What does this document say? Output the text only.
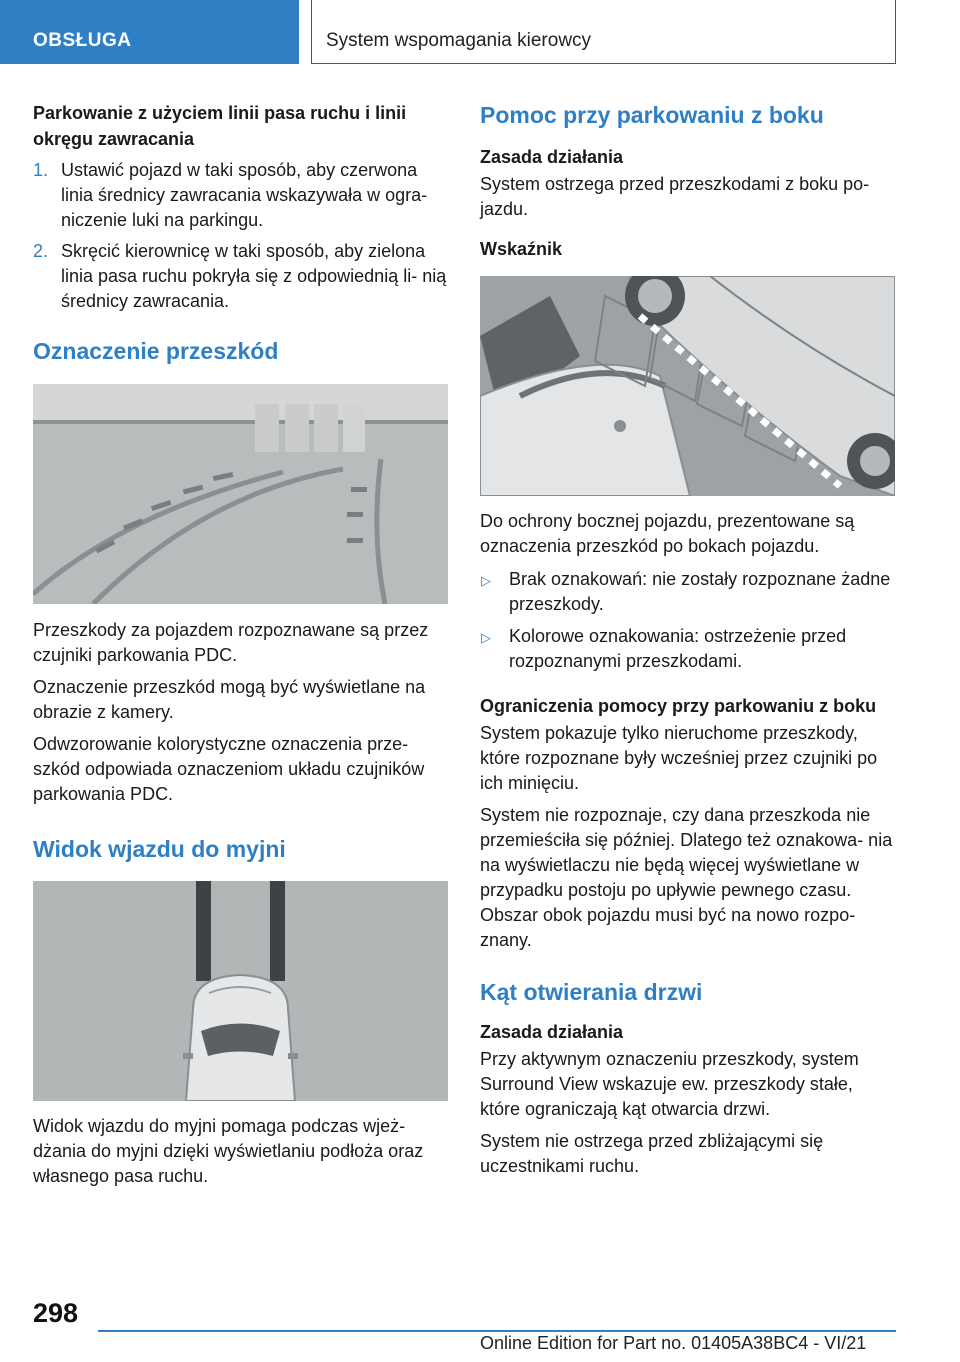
OBSŁUGA	System wspomagania kierowcy
Parkowanie z użyciem linii pasa ruchu i linii okręgu zawracania
1. Ustawić pojazd w taki sposób, aby czerwona linia średnicy zawracania wskazywała w ogra‐ niczenie luki na parkingu.
2. Skręcić kierownicę w taki sposób, aby zielona linia pasa ruchu pokryła się z odpowiednią li‐ nią średnicy zawracania.
Oznaczenie przeszkód

Przeszkody za pojazdem rozpoznawane są przez czujniki parkowania PDC.

Oznaczenie przeszkód mogą być wyświetlane na obrazie z kamery.

Odwzorowanie kolorystyczne oznaczenia prze‐ szkód odpowiada oznaczeniom układu czujników parkowania PDC.

Widok wjazdu do myjni

Widok wjazdu do myjni pomaga podczas wjeż‐ dżania do myjni dzięki wyświetlaniu podłoża oraz własnego pasa ruchu.

Pomoc przy parkowaniu z boku
Zasada działania

System ostrzega przed przeszkodami z boku po‐ jazdu.

Wskaźnik

Do ochrony bocznej pojazdu, prezentowane są oznaczenia przeszkód po bokach pojazdu.

▷ Brak oznakowań: nie zostały rozpoznane żadne przeszkody.
▷ Kolorowe oznakowania: ostrzeżenie przed rozpoznanymi przeszkodami.
Ograniczenia pomocy przy parkowaniu z boku

System pokazuje tylko nieruchome przeszkody, które rozpoznane były wcześniej przez czujniki po ich minięciu.

System nie rozpoznaje, czy dana przeszkoda nie przemieściła się później. Dlatego też oznakowa‐ nia na wyświetlaczu nie będą więcej wyświetlane w przypadku postoju po upływie pewnego czasu. Obszar obok pojazdu musi być na nowo rozpo‐ znany.

Kąt otwierania drzwi
Zasada działania

Przy aktywnym oznaczeniu przeszkody, system Surround View wskazuje ew. przeszkody stałe, które ograniczają kąt otwarcia drzwi.

System nie ostrzega przed zbliżającymi się uczestnikami ruchu.

298
Online Edition for Part no. 01405A38BC4 - VI/21
